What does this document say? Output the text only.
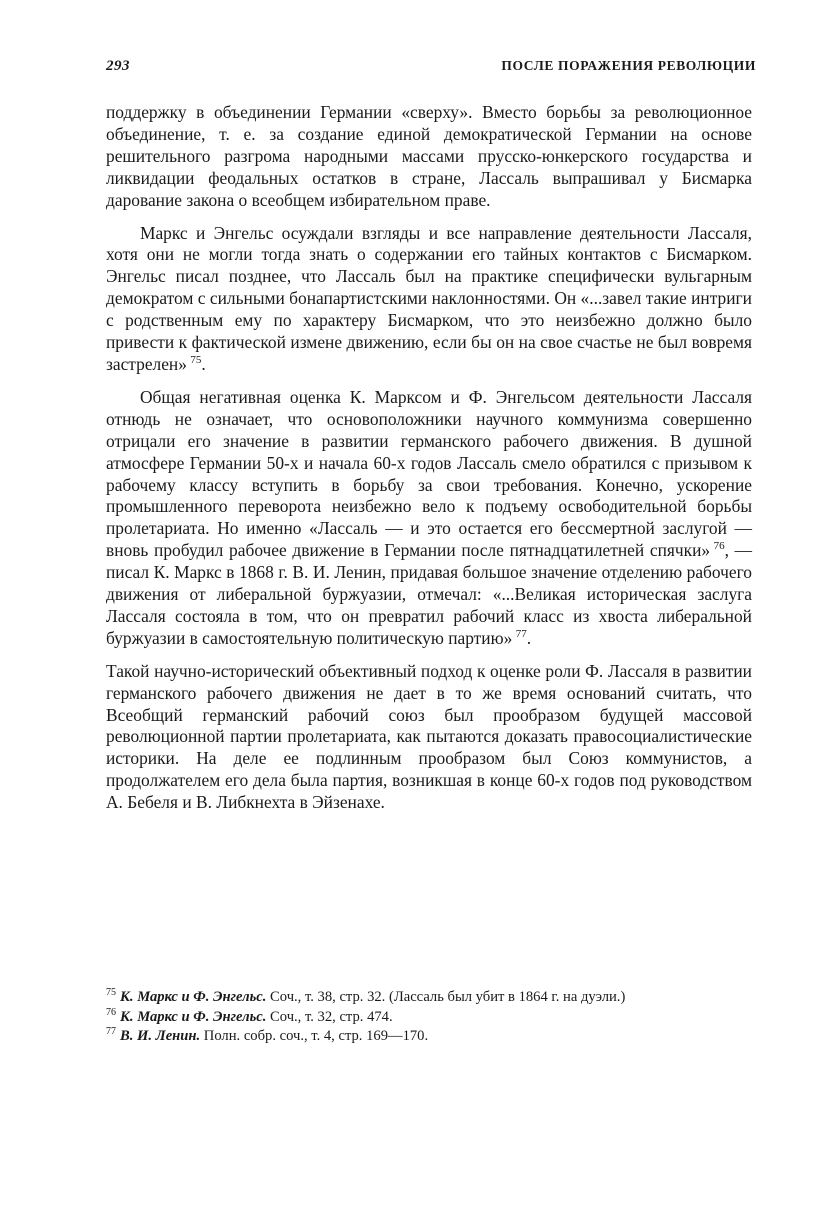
293	ПОСЛЕ ПОРАЖЕНИЯ РЕВОЛЮЦИИ

поддержку в объединении Германии «сверху». Вместо борьбы за революционное объединение, т. е. за создание единой демократической Германии на основе решительного разгрома народными массами прусско-юнкерского государства и ликвидации феодальных остатков в стране, Лассаль выпрашивал у Бисмарка дарование закона о всеобщем избирательном праве.

Маркс и Энгельс осуждали взгляды и все направление деятельности Лассаля, хотя они не могли тогда знать о содержании его тайных контактов с Бисмарком. Энгельс писал позднее, что Лассаль был на практике специфически вульгарным демократом с сильными бонапартистскими наклонностями. Он «...завел такие интриги с родственным ему по характеру Бисмарком, что это неизбежно должно было привести к фактической измене движению, если бы он на свое счастье не был вовремя застрелен»  $^{75}$.

Общая негативная оценка К. Марксом и Ф. Энгельсом деятельности Лассаля отнюдь не означает, что основоположники научного коммунизма совершенно отрицали его значение в развитии германского рабочего движения. В душной атмосфере Германии 50-х и начала 60-х годов Лассаль смело обратился с призывом к рабочему классу вступить в борьбу за свои требования. Конечно, ускорение промышленного переворота неизбежно вело к подъему освободительной борьбы пролетариата. Но именно «Лассаль — и это остается его бессмертной заслугой — вновь пробудил рабочее движение в Германии после пятнадцатилетней спячки»  $^{76}$, — писал К. Маркс в 1868 г. В. И. Ленин, придавая большое значение отделению рабочего движения от либеральной буржуазии, отмечал: «...Великая историческая заслуга Лассаля состояла в том, что он превратил рабочий класс из хвоста либеральной буржуазии в самостоятельную политическую партию»  $^{77}$.

Такой научно-исторический объективный подход к оценке роли Ф. Лассаля в развитии германского рабочего движения не дает в то же время оснований считать, что Всеобщий германский рабочий союз был прообразом будущей массовой революционной партии пролетариата, как пытаются доказать правосоциалистические историки. На деле ее подлинным прообразом был Союз коммунистов, а продолжателем его дела была партия, возникшая в конце 60-х годов под руководством А. Бебеля и В. Либкнехта в Эйзенахе.

$^{75}$ К. Маркс и Ф. Энгельс. Соч., т. 38, стр. 32. (Лассаль был убит в 1864 г. на дуэли.)

$^{76}$ К. Маркс и Ф. Энгельс. Соч., т. 32, стр. 474.

$^{77}$ В. И. Ленин. Полн. собр. соч., т. 4, стр. 169—170.
